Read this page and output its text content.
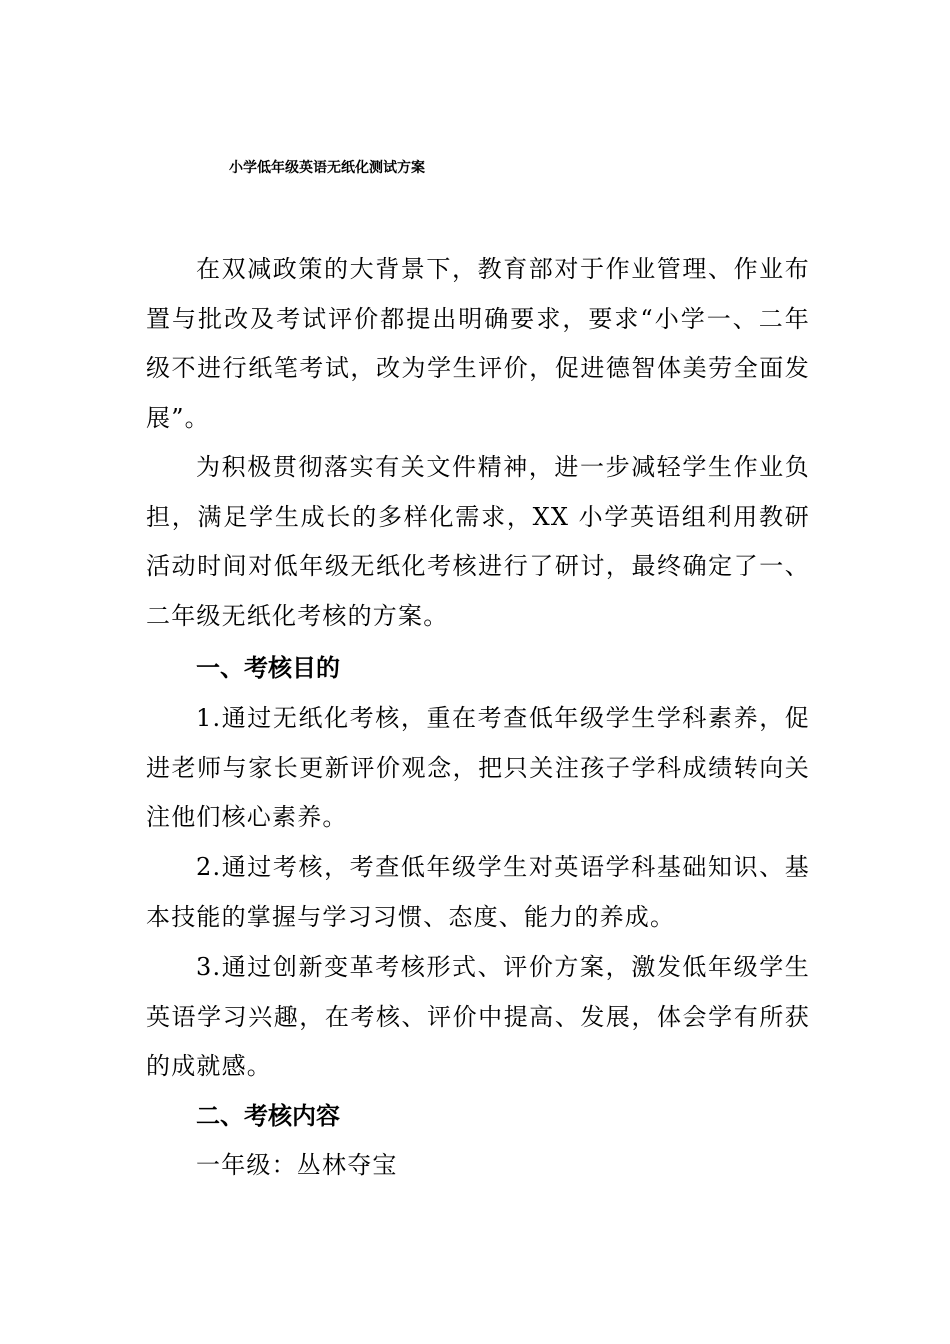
小学低年级英语无纸化测试方案

在双减政策的大背景下，教育部对于作业管理、作业布置与批改及考试评价都提出明确要求，要求“小学一、二年级不进行纸笔考试，改为学生评价，促进德智体美劳全面发展”。

为积极贯彻落实有关文件精神，进一步减轻学生作业负担，满足学生成长的多样化需求，XX 小学英语组利用教研活动时间对低年级无纸化考核进行了研讨，最终确定了一、二年级无纸化考核的方案。

一、考核目的

1.通过无纸化考核，重在考查低年级学生学科素养，促进老师与家长更新评价观念，把只关注孩子学科成绩转向关注他们核心素养。

2.通过考核，考查低年级学生对英语学科基础知识、基本技能的掌握与学习习惯、态度、能力的养成。

3.通过创新变革考核形式、评价方案，激发低年级学生英语学习兴趣，在考核、评价中提高、发展，体会学有所获的成就感。

二、考核内容

一年级：丛林夺宝
